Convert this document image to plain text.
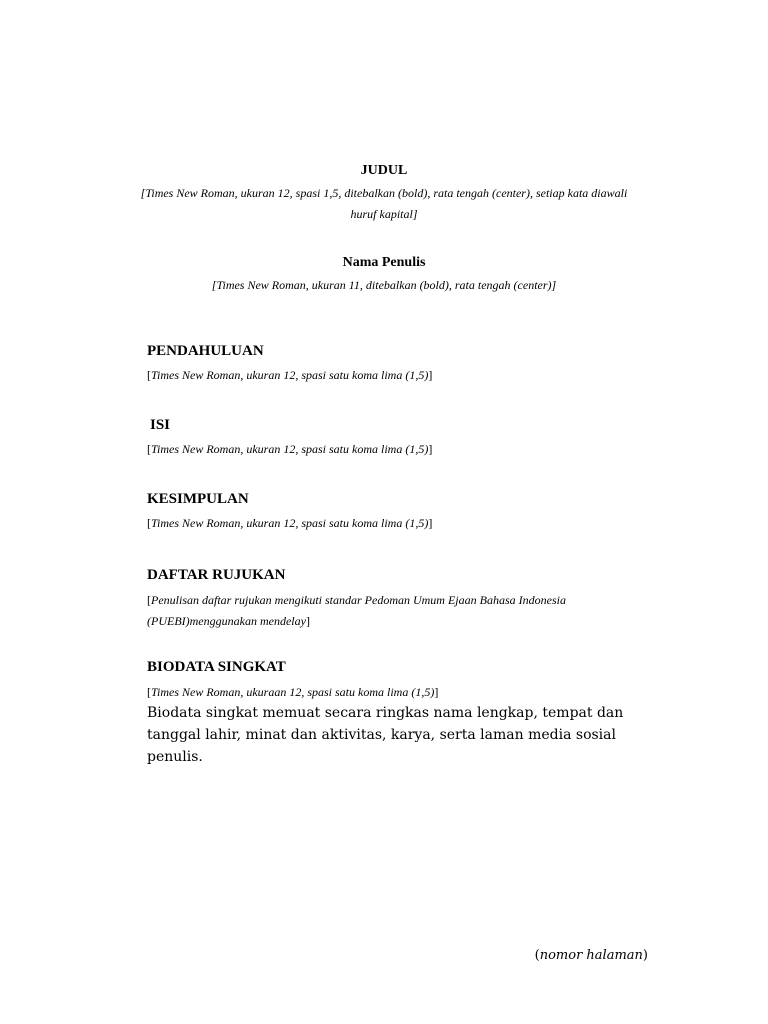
JUDUL
[Times New Roman, ukuran 12, spasi 1,5, ditebalkan (bold), rata tengah (center), setiap kata diawali huruf kapital]
Nama Penulis
[Times New Roman, ukuran 11, ditebalkan (bold), rata tengah (center)]
PENDAHULUAN
[Times New Roman, ukuran 12, spasi satu koma lima (1,5)]
ISI
[Times New Roman, ukuran 12, spasi satu koma lima (1,5)]
KESIMPULAN
[Times New Roman, ukuran 12, spasi satu koma lima (1,5)]
DAFTAR RUJUKAN
[Penulisan daftar rujukan mengikuti standar Pedoman Umum Ejaan Bahasa Indonesia
(PUEBI)menggunakan mendelay]
BIODATA SINGKAT
[Times New Roman, ukuraan 12, spasi satu koma lima (1,5)]
Biodata singkat memuat secara ringkas nama lengkap, tempat dan tanggal lahir, minat dan aktivitas, karya, serta laman media sosial penulis.
(nomor halaman)
